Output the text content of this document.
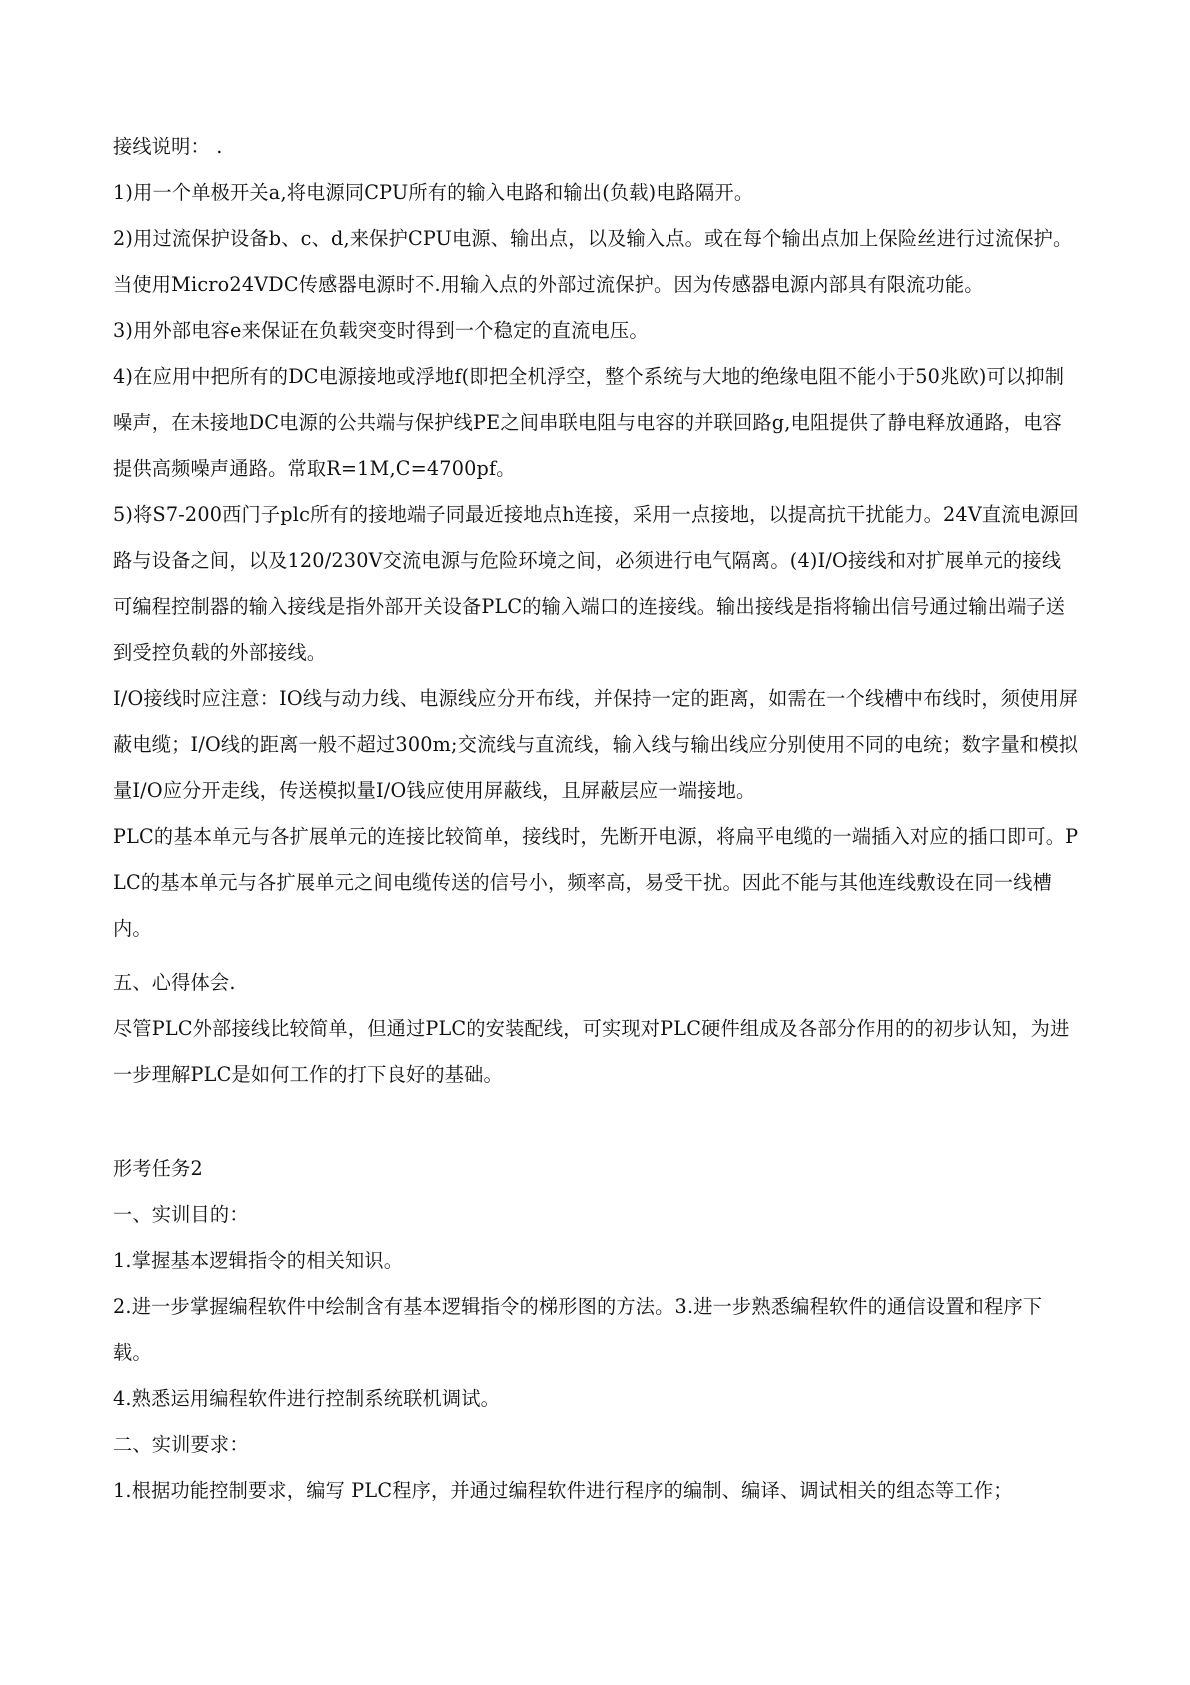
接线说明： .

1)用一个单极开关a,将电源同CPU所有的输入电路和输出(负载)电路隔开。

2)用过流保护设备b、c、d,来保护CPU电源、输出点，以及输入点。或在每个输出点加上保险丝进行过流保护。当使用Micro24VDC传感器电源时不.用输入点的外部过流保护。因为传感器电源内部具有限流功能。

3)用外部电容e来保证在负载突变时得到一个稳定的直流电压。

4)在应用中把所有的DC电源接地或浮地f(即把全机浮空，整个系统与大地的绝缘电阻不能小于50兆欧)可以抑制噪声，在未接地DC电源的公共端与保护线PE之间串联电阻与电容的并联回路g,电阻提供了静电释放通路，电容提供高频噪声通路。常取R=1M,C=4700pf。

5)将S7-200西门子plc所有的接地端子同最近接地点h连接，采用一点接地，以提高抗干扰能力。24V直流电源回路与设备之间，以及120/230V交流电源与危险环境之间，必须进行电气隔离。(4)I/O接线和对扩展单元的接线可编程控制器的输入接线是指外部开关设备PLC的输入端口的连接线。输出接线是指将输出信号通过输出端子送到受控负载的外部接线。

I/O接线时应注意：IO线与动力线、电源线应分开布线，并保持一定的距离，如需在一个线槽中布线时，须使用屏蔽电缆；I/O线的距离一般不超过300m;交流线与直流线，输入线与输出线应分别使用不同的电统；数字量和模拟量I/O应分开走线，传送模拟量I/O钱应使用屏蔽线，且屏蔽层应一端接地。

PLC的基本单元与各扩展单元的连接比较简单，接线时，先断开电源，将扁平电缆的一端插入对应的插口即可。PLC的基本单元与各扩展单元之间电缆传送的信号小，频率高，易受干扰。因此不能与其他连线敷设在同一线槽内。

五、心得体会.

尽管PLC外部接线比较简单，但通过PLC的安装配线，可实现对PLC硬件组成及各部分作用的的初步认知，为进一步理解PLC是如何工作的打下良好的基础。

形考任务2

一、实训目的：

1.掌握基本逻辑指令的相关知识。

2.进一步掌握编程软件中绘制含有基本逻辑指令的梯形图的方法。3.进一步熟悉编程软件的通信设置和程序下载。

4.熟悉运用编程软件进行控制系统联机调试。

二、实训要求：

1.根据功能控制要求，编写 PLC程序，并通过编程软件进行程序的编制、编译、调试相关的组态等工作；
